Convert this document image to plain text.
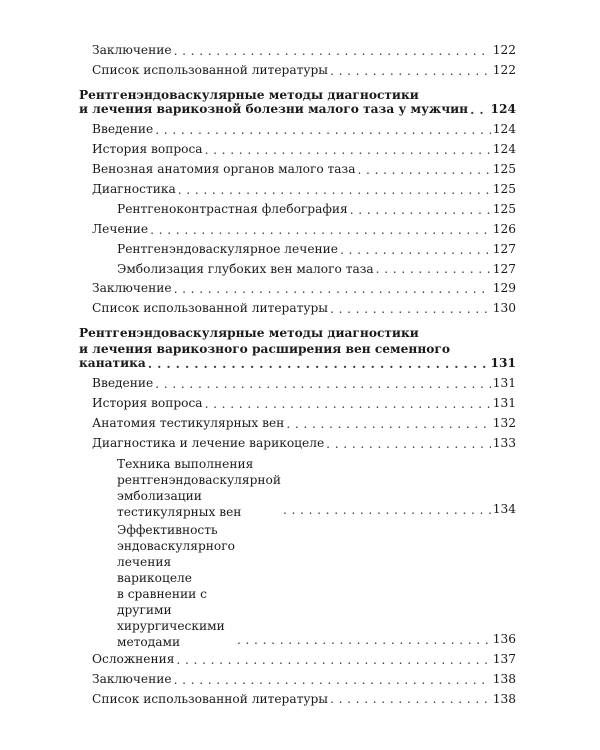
Заключение . . .	122
Список использованной литературы . . .	122
Рентгенэндоваскулярные методы диагностики
и лечения варикозной болезни малого таза у мужчин . . . 124
Введение . . .	124
История вопроса . . .	124
Венозная анатомия органов малого таза . . .	125
Диагностика . . .	125
Рентгеноконтрастная флебография . . .	125
Лечение . . .	126
Рентгенэндоваскулярное лечение . . .	127
Эмболизация глубоких вен малого таза . . .	127
Заключение . . .	129
Список использованной литературы . . .	130
Рентгенэндоваскулярные методы диагностики
и лечения варикозного расширения вен семенного
канатика . . .	131
Введение . . .	131
История вопроса . . .	131
Анатомия тестикулярных вен . . .	132
Диагностика и лечение варикоцеле . . .	133
Техника выполнения рентгенэндоваскулярной
эмболизации тестикулярных вен . . .	134
Эффективность эндоваскулярного лечения варикоцеле
в сравнении с другими хирургическими методами . . .	136
Осложнения . . .	137
Заключение . . .	138
Список использованной литературы . . .	138
